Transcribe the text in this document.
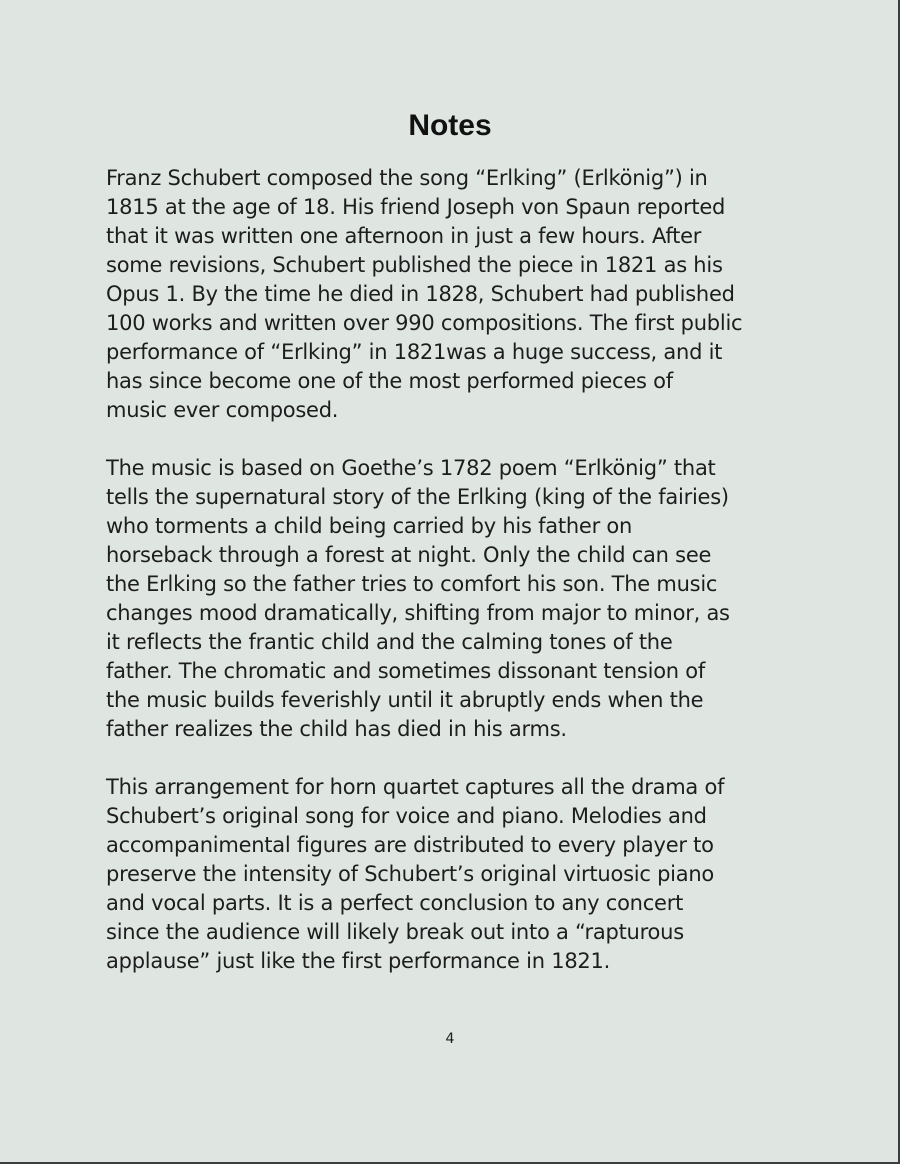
Notes

Franz Schubert composed the song “Erlking” (Erlkönig”) in
1815 at the age of 18. His friend Joseph von Spaun reported
that it was written one afternoon in just a few hours. After
some revisions, Schubert published the piece in 1821 as his
Opus 1. By the time he died in 1828, Schubert had published
100 works and written over 990 compositions. The first public
performance of “Erlking” in 1821was a huge success, and it
has since become one of the most performed pieces of
music ever composed.

The music is based on Goethe’s 1782 poem “Erlkönig” that
tells the supernatural story of the Erlking (king of the fairies)
who torments a child being carried by his father on
horseback through a forest at night. Only the child can see
the Erlking so the father tries to comfort his son. The music
changes mood dramatically, shifting from major to minor, as
it reflects the frantic child and the calming tones of the
father. The chromatic and sometimes dissonant tension of
the music builds feverishly until it abruptly ends when the
father realizes the child has died in his arms.

This arrangement for horn quartet captures all the drama of
Schubert’s original song for voice and piano. Melodies and
accompanimental figures are distributed to every player to
preserve the intensity of Schubert’s original virtuosic piano
and vocal parts. It is a perfect conclusion to any concert
since the audience will likely break out into a “rapturous
applause” just like the first performance in 1821.

4
